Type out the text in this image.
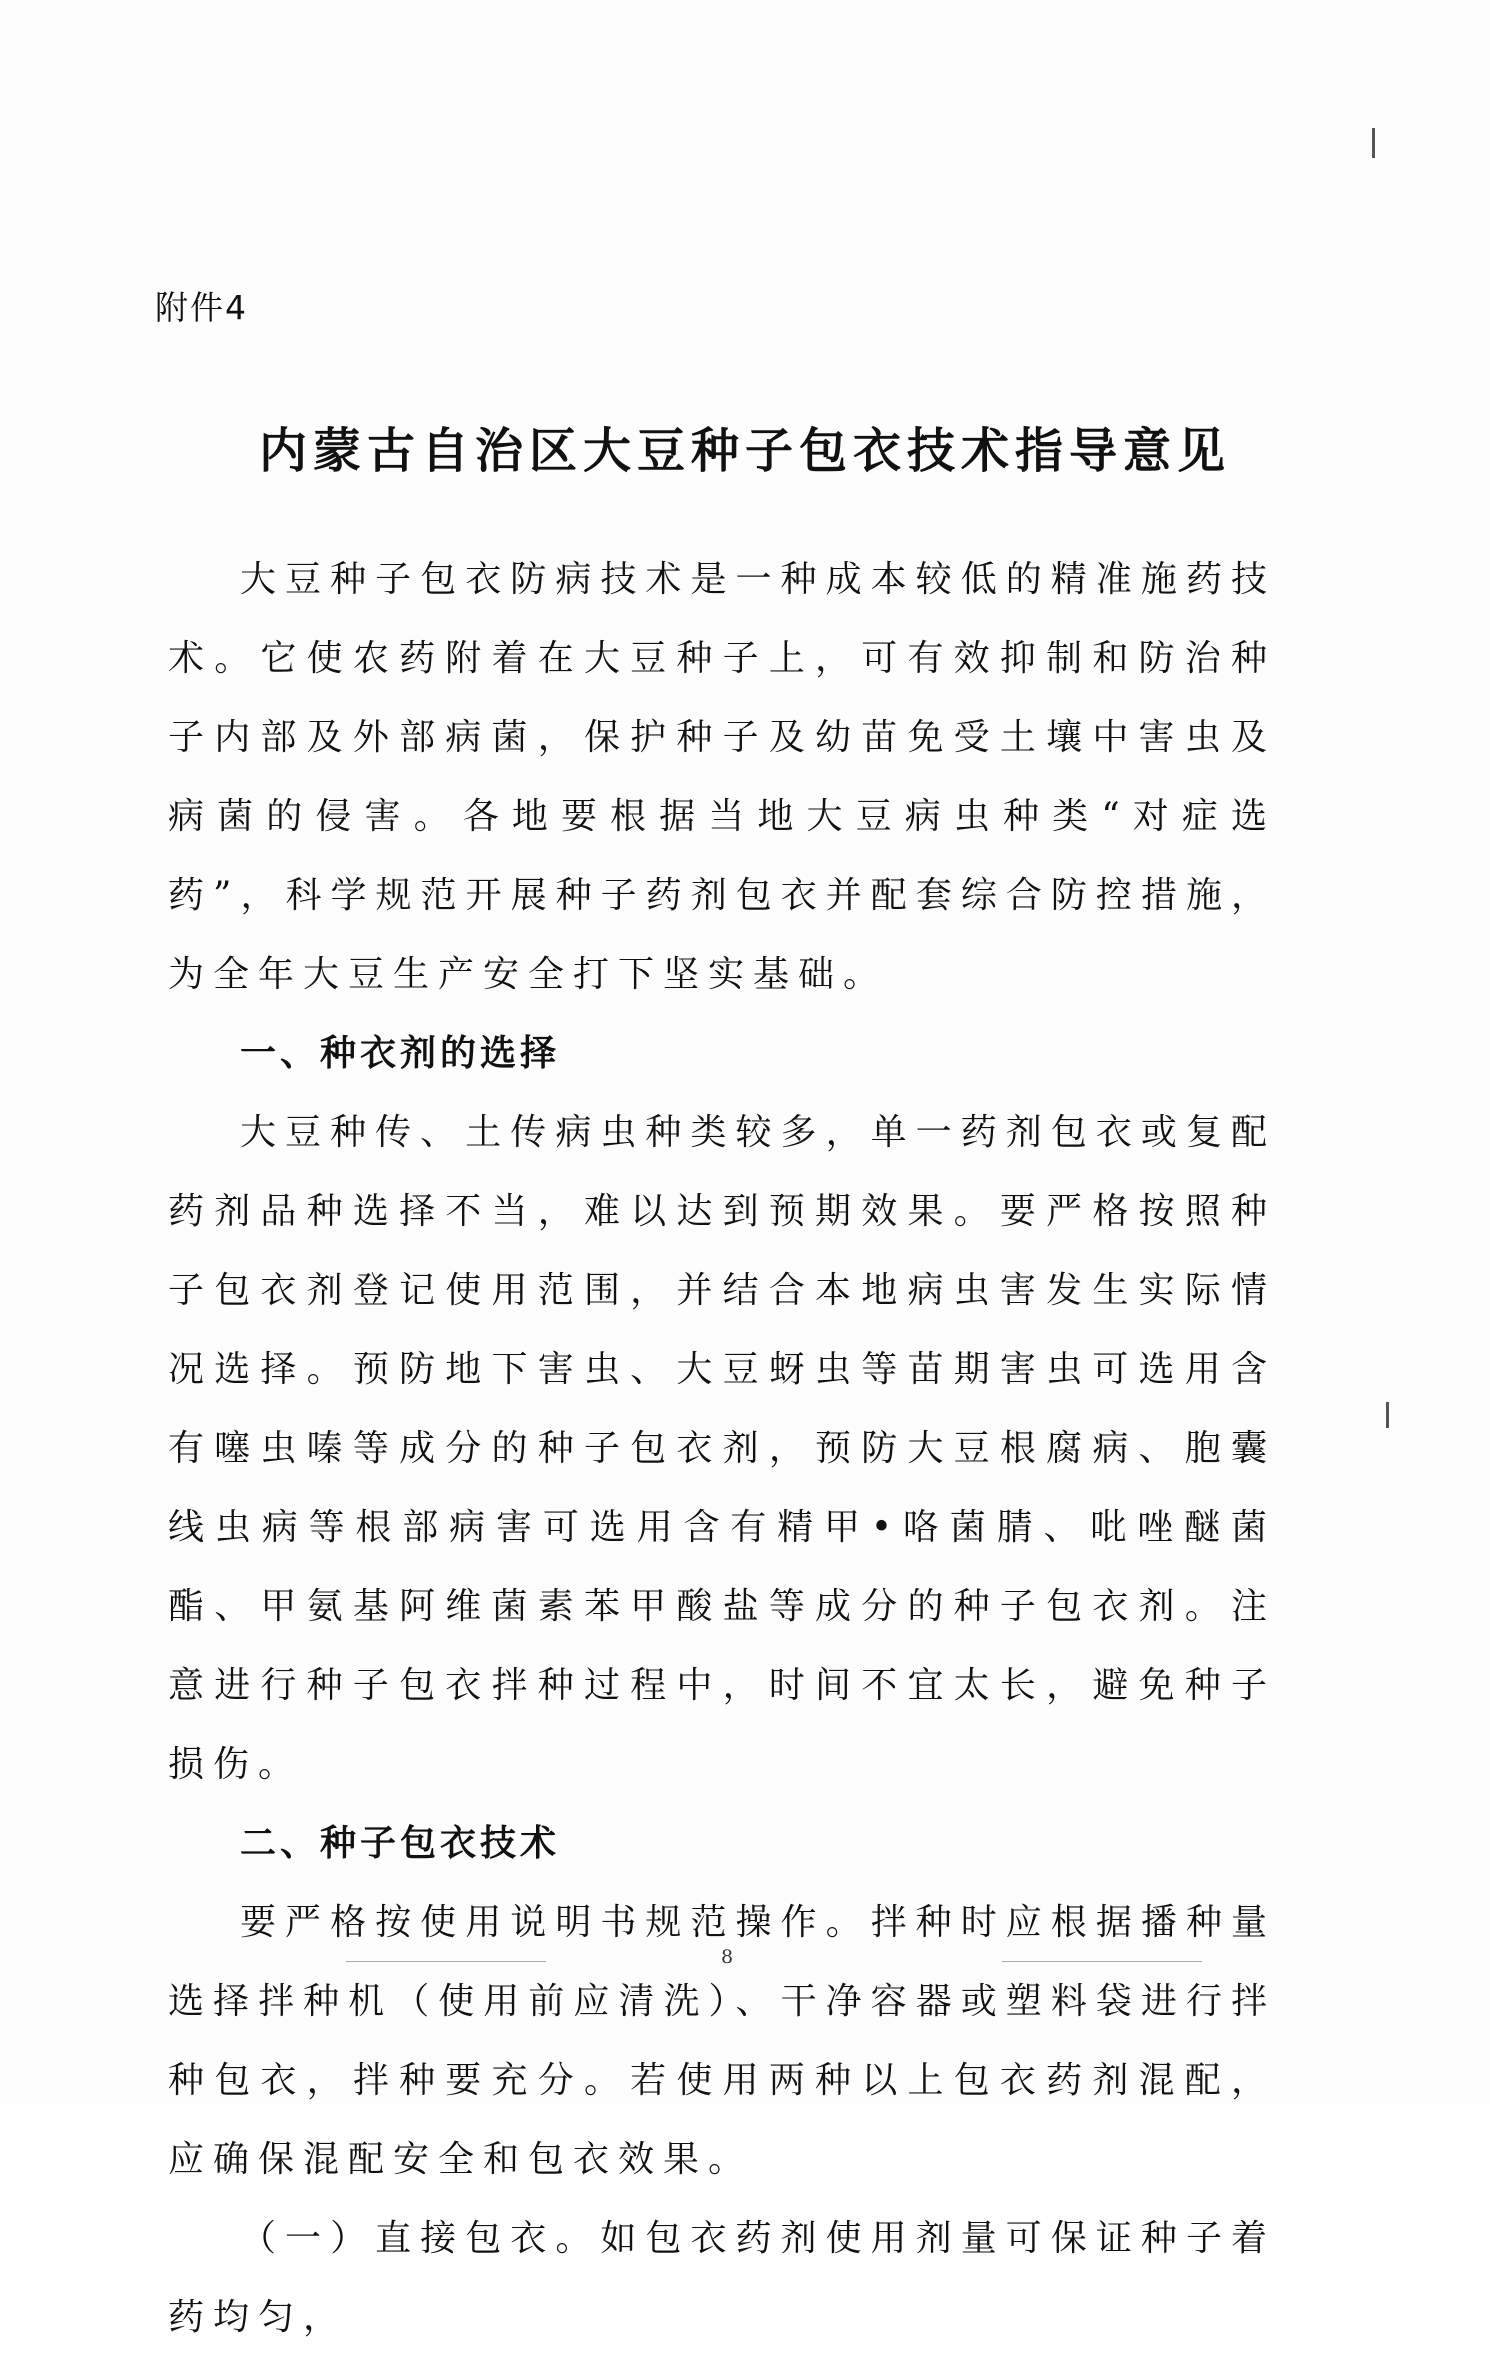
附件4
内蒙古自治区大豆种子包衣技术指导意见

大豆种子包衣防病技术是一种成本较低的精准施药技术。它使农药附着在大豆种子上，可有效抑制和防治种子内部及外部病菌，保护种子及幼苗免受土壤中害虫及病菌的侵害。各地要根据当地大豆病虫种类“对症选药”，科学规范开展种子药剂包衣并配套综合防控措施，为全年大豆生产安全打下坚实基础。

一、种衣剂的选择

大豆种传、土传病虫种类较多，单一药剂包衣或复配药剂品种选择不当，难以达到预期效果。要严格按照种子包衣剂登记使用范围，并结合本地病虫害发生实际情况选择。预防地下害虫、大豆蚜虫等苗期害虫可选用含有噻虫嗪等成分的种子包衣剂，预防大豆根腐病、胞囊线虫病等根部病害可选用含有精甲•咯菌腈、吡唑醚菌酯、甲氨基阿维菌素苯甲酸盐等成分的种子包衣剂。注意进行种子包衣拌种过程中，时间不宜太长，避免种子损伤。

二、种子包衣技术

要严格按使用说明书规范操作。拌种时应根据播种量选择拌种机（使用前应清洗）、干净容器或塑料袋进行拌种包衣，拌种要充分。若使用两种以上包衣药剂混配，应确保混配安全和包衣效果。

（一）直接包衣。如包衣药剂使用剂量可保证种子着药均匀，

8
